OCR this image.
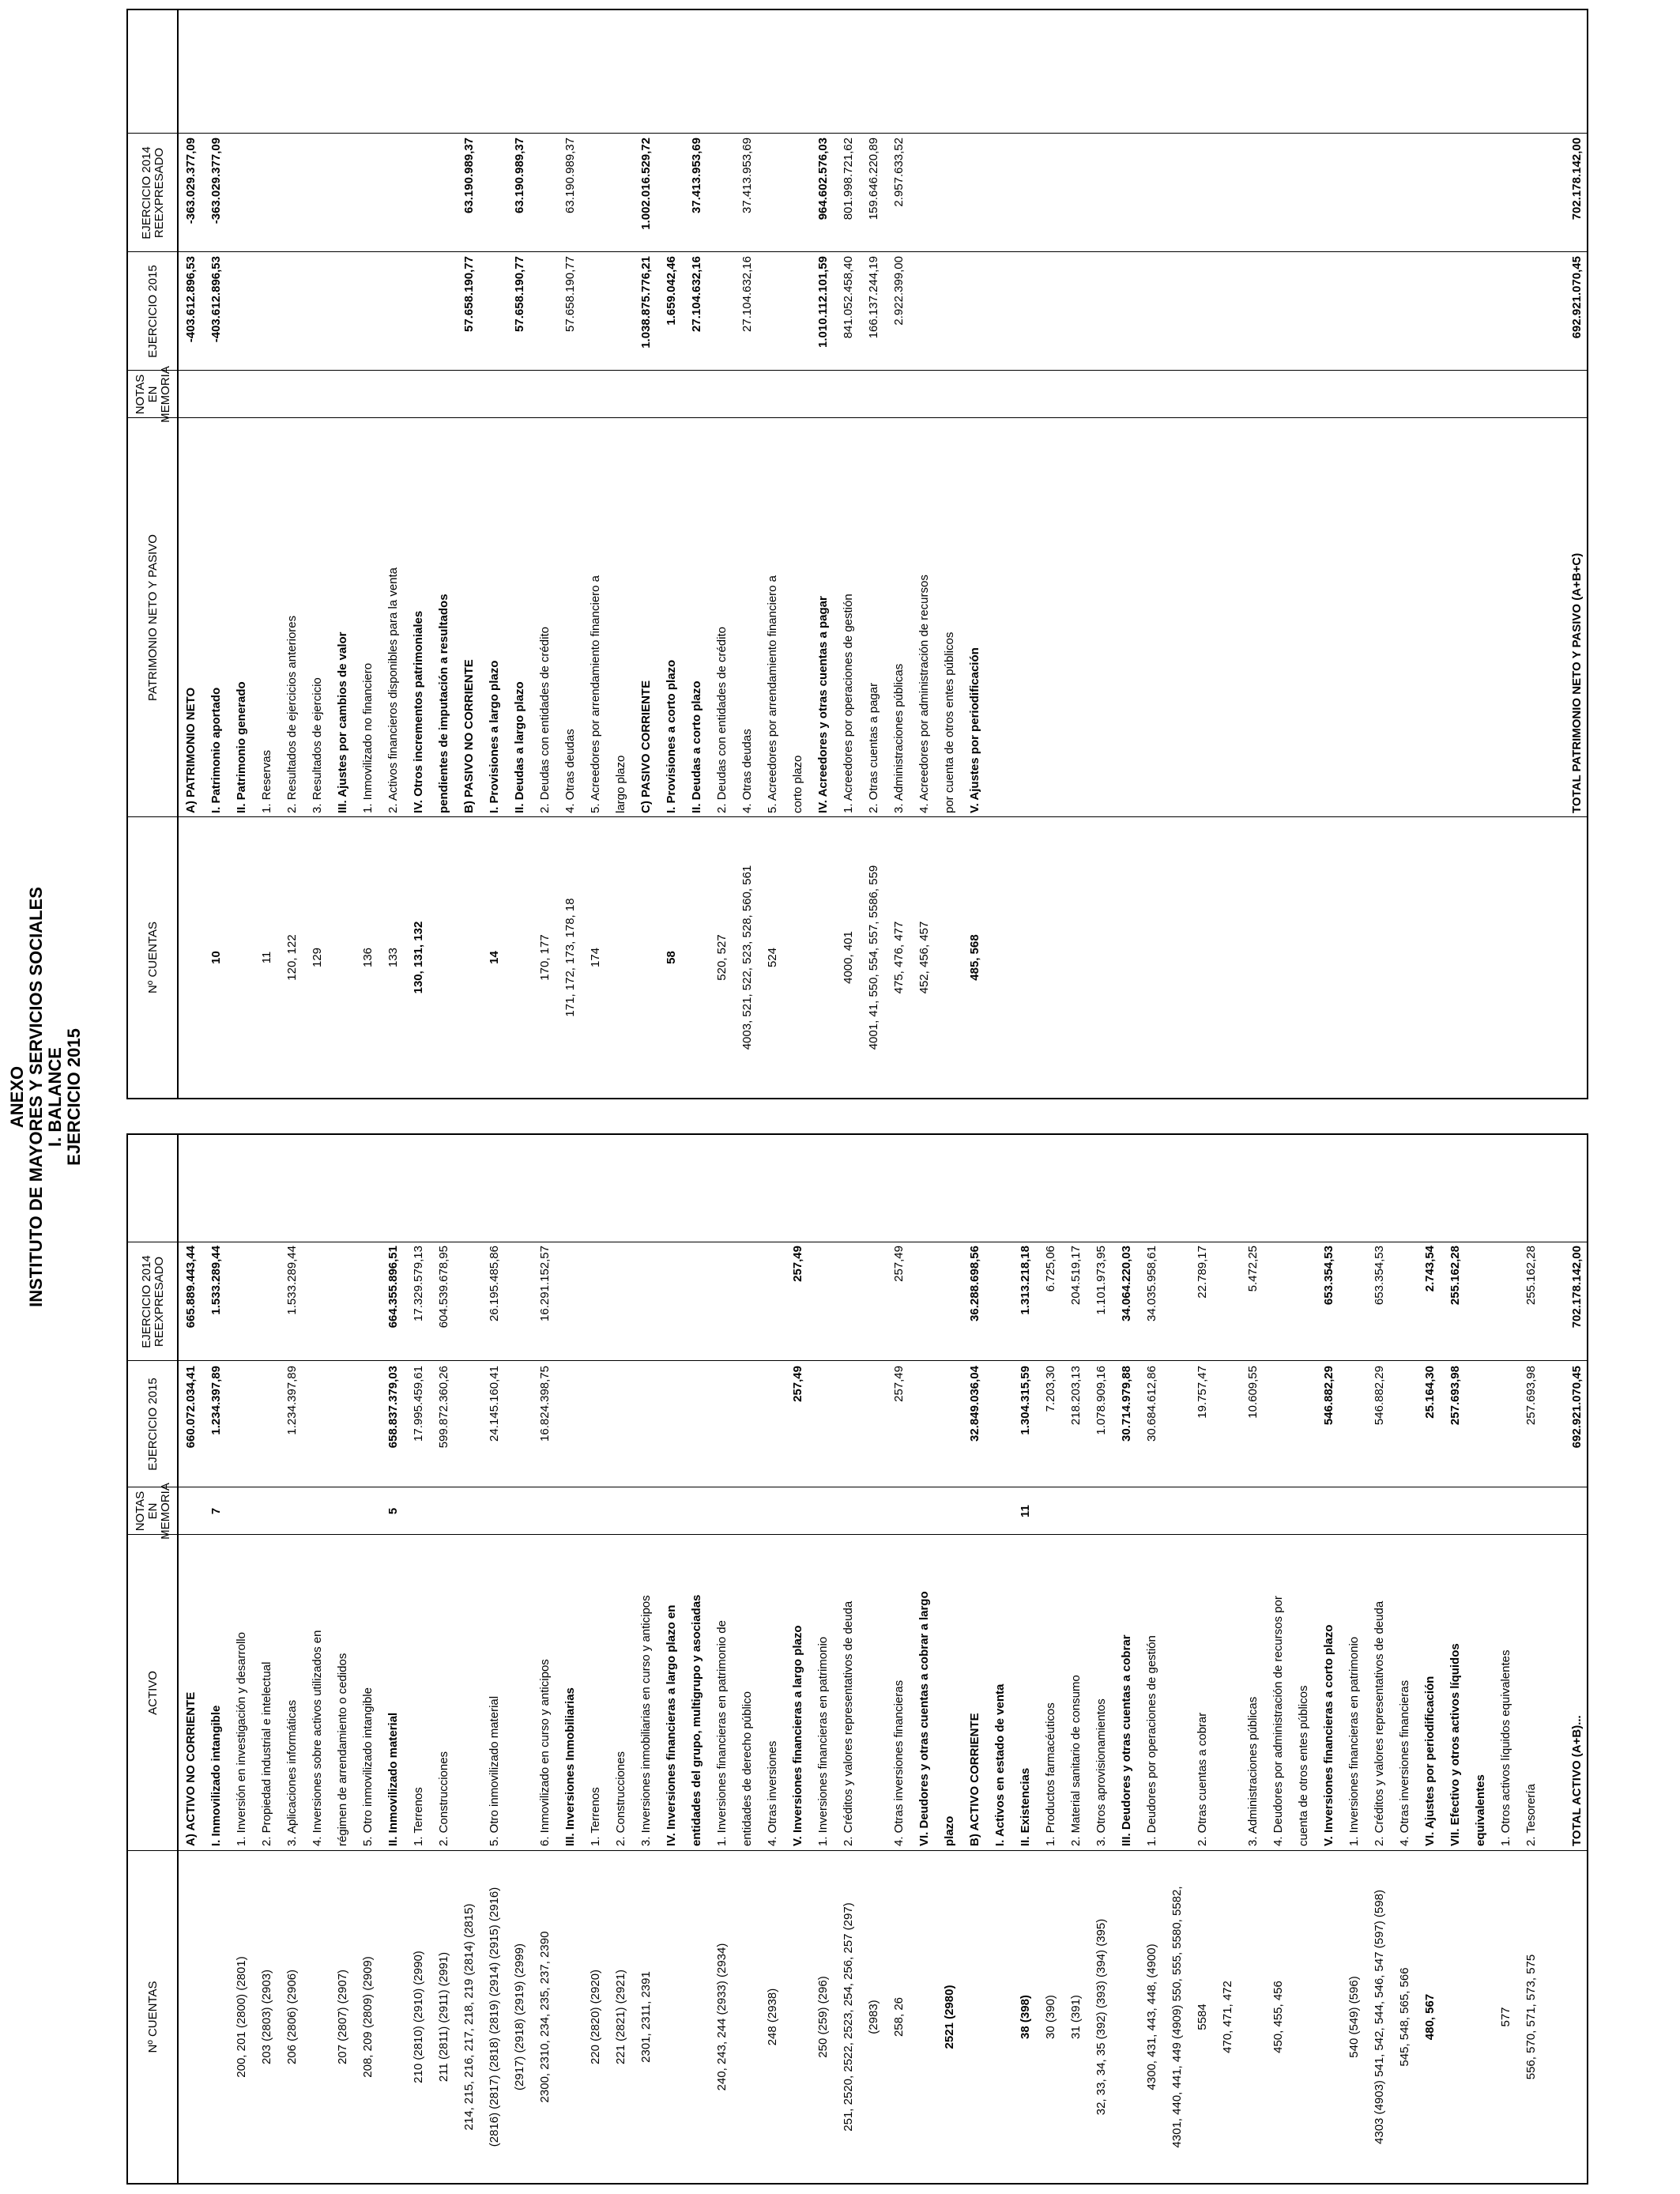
ANEXO INSTITUTO DE MAYORES Y SERVICIOS SOCIALES I. BALANCE EJERCICIO 2015
Nº CUENTAS
ACTIVO
NOTAS EN MEMORIA
EJERCICIO 2015
EJERCICIO 2014 REEXPRESADO
A) ACTIVO NO CORRIENTE
660.072.034,41
665.889.443,44
I. Inmovilizado intangible
7
1.234.397,89
1.533.289,44
200, 201 (2800) (2801)
1. Inversión en investigación y desarrollo
203 (2803) (2903)
2. Propiedad industrial e intelectual
206 (2806) (2906)
3. Aplicaciones informáticas
1.234.397,89
1.533.289,44
4. Inversiones sobre activos utilizados en
207 (2807) (2907)
régimen de arrendamiento o cedidos
208, 209 (2809) (2909)
5. Otro inmovilizado intangible II. Inmovilizado material
5
658.837.379,03
664.355.896,51
210 (2810) (2910) (2990)
1. Terrenos
17.995.459,61
17.329.579,13
211 (2811) (2911) (2991)
2. Construcciones
599.872.360,26
604.539.678,95
214, 215, 216, 217, 218, 219 (2814) (2815) (2816) (2817) (2818) (2819) (2914) (2915) (2916)
5. Otro inmovilizado material
24.145.160,41
26.195.485,86
(2917) (2918) (2919) (2999) 2300, 2310, 234, 235, 237, 2390
6. Inmovilizado en curso y anticipos
16.824.398,75
16.291.152,57
III. Inversiones Inmobiliarias
220 (2820) (2920)
1. Terrenos
221 (2821) (2921)
2. Construcciones
2301, 2311, 2391
3. Inversiones inmobiliarias en curso y anticipos IV. Inversiones financieras a largo plazo en entidades del grupo, multigrupo y asociadas
240, 243, 244 (2933) (2934)
1. Inversiones financieras en patrimonio de entidades de derecho público
248 (2938)
4. Otras inversiones V. Inversiones financieras a largo plazo
257,49
257,49
250 (259) (296)
1. Inversiones financieras en patrimonio
251, 2520, 2522, 2523, 254, 256, 257 (297)
2. Créditos y valores representativos de deuda
(2983) 258, 26
4. Otras inversiones financieras
257,49
257,49
VI. Deudores y otras cuentas a cobrar a largo
2521 (2980)
plazo B) ACTIVO CORRIENTE
32.849.036,04
36.288.698,56
I. Activos en estado de venta
38 (398)
II. Existencias
11
1.304.315,59
1.313.218,18
30 (390)
1. Productos farmacéuticos
7.203,30
6.725,06
31 (391)
2. Material sanitario de consumo
218.203,13
204.519,17
32, 33, 34, 35 (392) (393) (394) (395)
3. Otros aprovisionamientos
1.078.909,16
1.101.973,95
III. Deudores y otras cuentas a cobrar
30.714.979,88
34.064.220,03
4300, 431, 443, 448, (4900)
1. Deudores por operaciones de gestión
30.684.612,86
34.035.958,61
4301, 440, 441, 449 (4909) 550, 555, 5580, 5582, 5584
2. Otras cuentas a cobrar
19.757,47
22.789,17
470, 471, 472
3. Administraciones públicas
10.609,55
5.472,25
450, 455, 456
4. Deudores por administración de recursos por cuenta de otros entes públicos V. Inversiones financieras a corto plazo
546.882,29
653.354,53
540 (549) (596)
1. Inversiones financieras en patrimonio
4303 (4903) 541, 542, 544, 546, 547 (597) (598)
2. Créditos y valores representativos de deuda
546.882,29
653.354,53
545, 548, 565, 566
4. Otras inversiones financieras
480, 567
VI. Ajustes por periodificación
25.164,30
2.743,54
VII. Efectivo y otros activos líquidos
257.693,98
255.162,28
equivalentes
577
1. Otros activos líquidos equivalentes
556, 570, 571, 573, 575
2. Tesorería
257.693,98
255.162,28
TOTAL ACTIVO (A+B)...
692.921.070,45
702.178.142,00
Nº CUENTAS
PATRIMONIO NETO Y PASIVO
NOTAS EN MEMORIA
EJERCICIO 2015
EJERCICIO 2014 REEXPRESADO
TOTAL PATRIMONIO NETO Y PASIVO (A+B+C)
692.921.070,45
702.178.142,00
A) PATRIMONIO NETO
-403.612.896,53
-363.029.377,09
10
I. Patrimonio aportado
-403.612.896,53
-363.029.377,09
II. Patrimonio generado
11
1. Reservas
120, 122
2. Resultados de ejercicios anteriores
129
3. Resultados de ejercicio III. Ajustes por cambios de valor
136
1. Inmovilizado no financiero
133
2. Activos financieros disponibles para la venta
130, 131, 132
IV. Otros incrementos patrimoniales pendientes de imputación a resultados B) PASIVO NO CORRIENTE
57.658.190,77
63.190.989,37
14
I. Provisiones a largo plazo II. Deudas a largo plazo
57.658.190,77
63.190.989,37
170, 177
2. Deudas con entidades de crédito
171, 172, 173, 178, 18
4. Otras deudas
57.658.190,77
63.190.989,37
174
5. Acreedores por arrendamiento financiero a largo plazo C) PASIVO CORRIENTE
1.038.875.776,21
1.002.016.529,72
58
I. Provisiones a corto plazo
1.659.042,46
II. Deudas a corto plazo
27.104.632,16
37.413.953,69
520, 527
2. Deudas con entidades de crédito
4003, 521, 522, 523, 528, 560, 561
4. Otras deudas
27.104.632,16
37.413.953,69
524
5. Acreedores por arrendamiento financiero a corto plazo IV. Acreedores y otras cuentas a pagar
1.010.112.101,59
964.602.576,03
4000, 401
1. Acreedores por operaciones de gestión
841.052.458,40
801.998.721,62
4001, 41, 550, 554, 557, 5586, 559
2. Otras cuentas a pagar
166.137.244,19
159.646.220,89
475, 476, 477
3. Administraciones públicas
2.922.399,00
2.957.633,52
452, 456, 457
4. Acreedores por administración de recursos por cuenta de otros entes públicos
485, 568
V. Ajustes por periodificación
